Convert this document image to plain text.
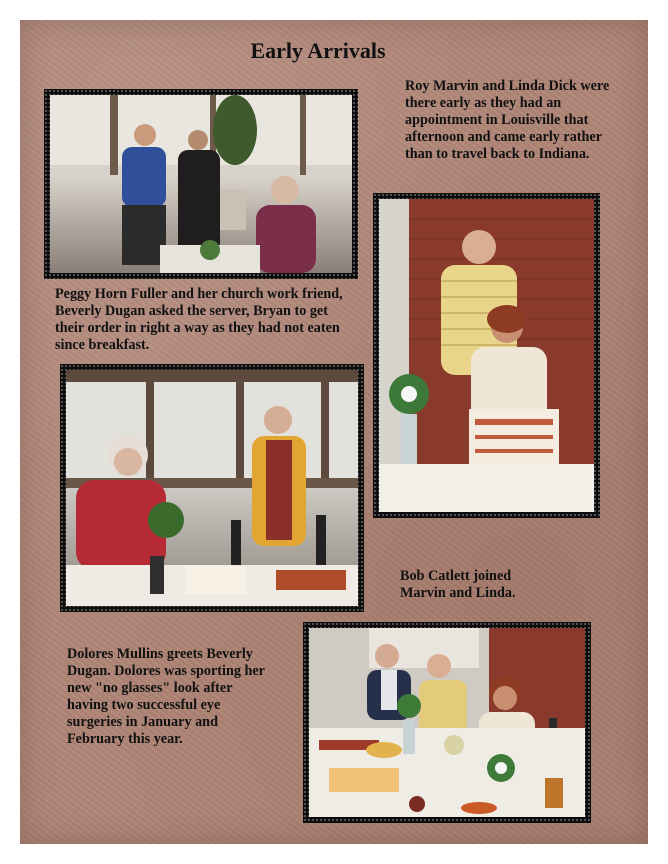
Early Arrivals

Roy Marvin and Linda Dick were there early as they had an appointment in Louisville that afternoon and came early rather than to travel back to Indiana.

Peggy Horn Fuller and her church work friend, Beverly Dugan asked the server, Bryan to get their order in right a way as they had not eaten since breakfast.

Bob Catlett joined Marvin and Linda.

Dolores Mullins greets Beverly Dugan. Dolores was sporting her new "no glasses" look after having two successful eye surgeries in January and February this year.
